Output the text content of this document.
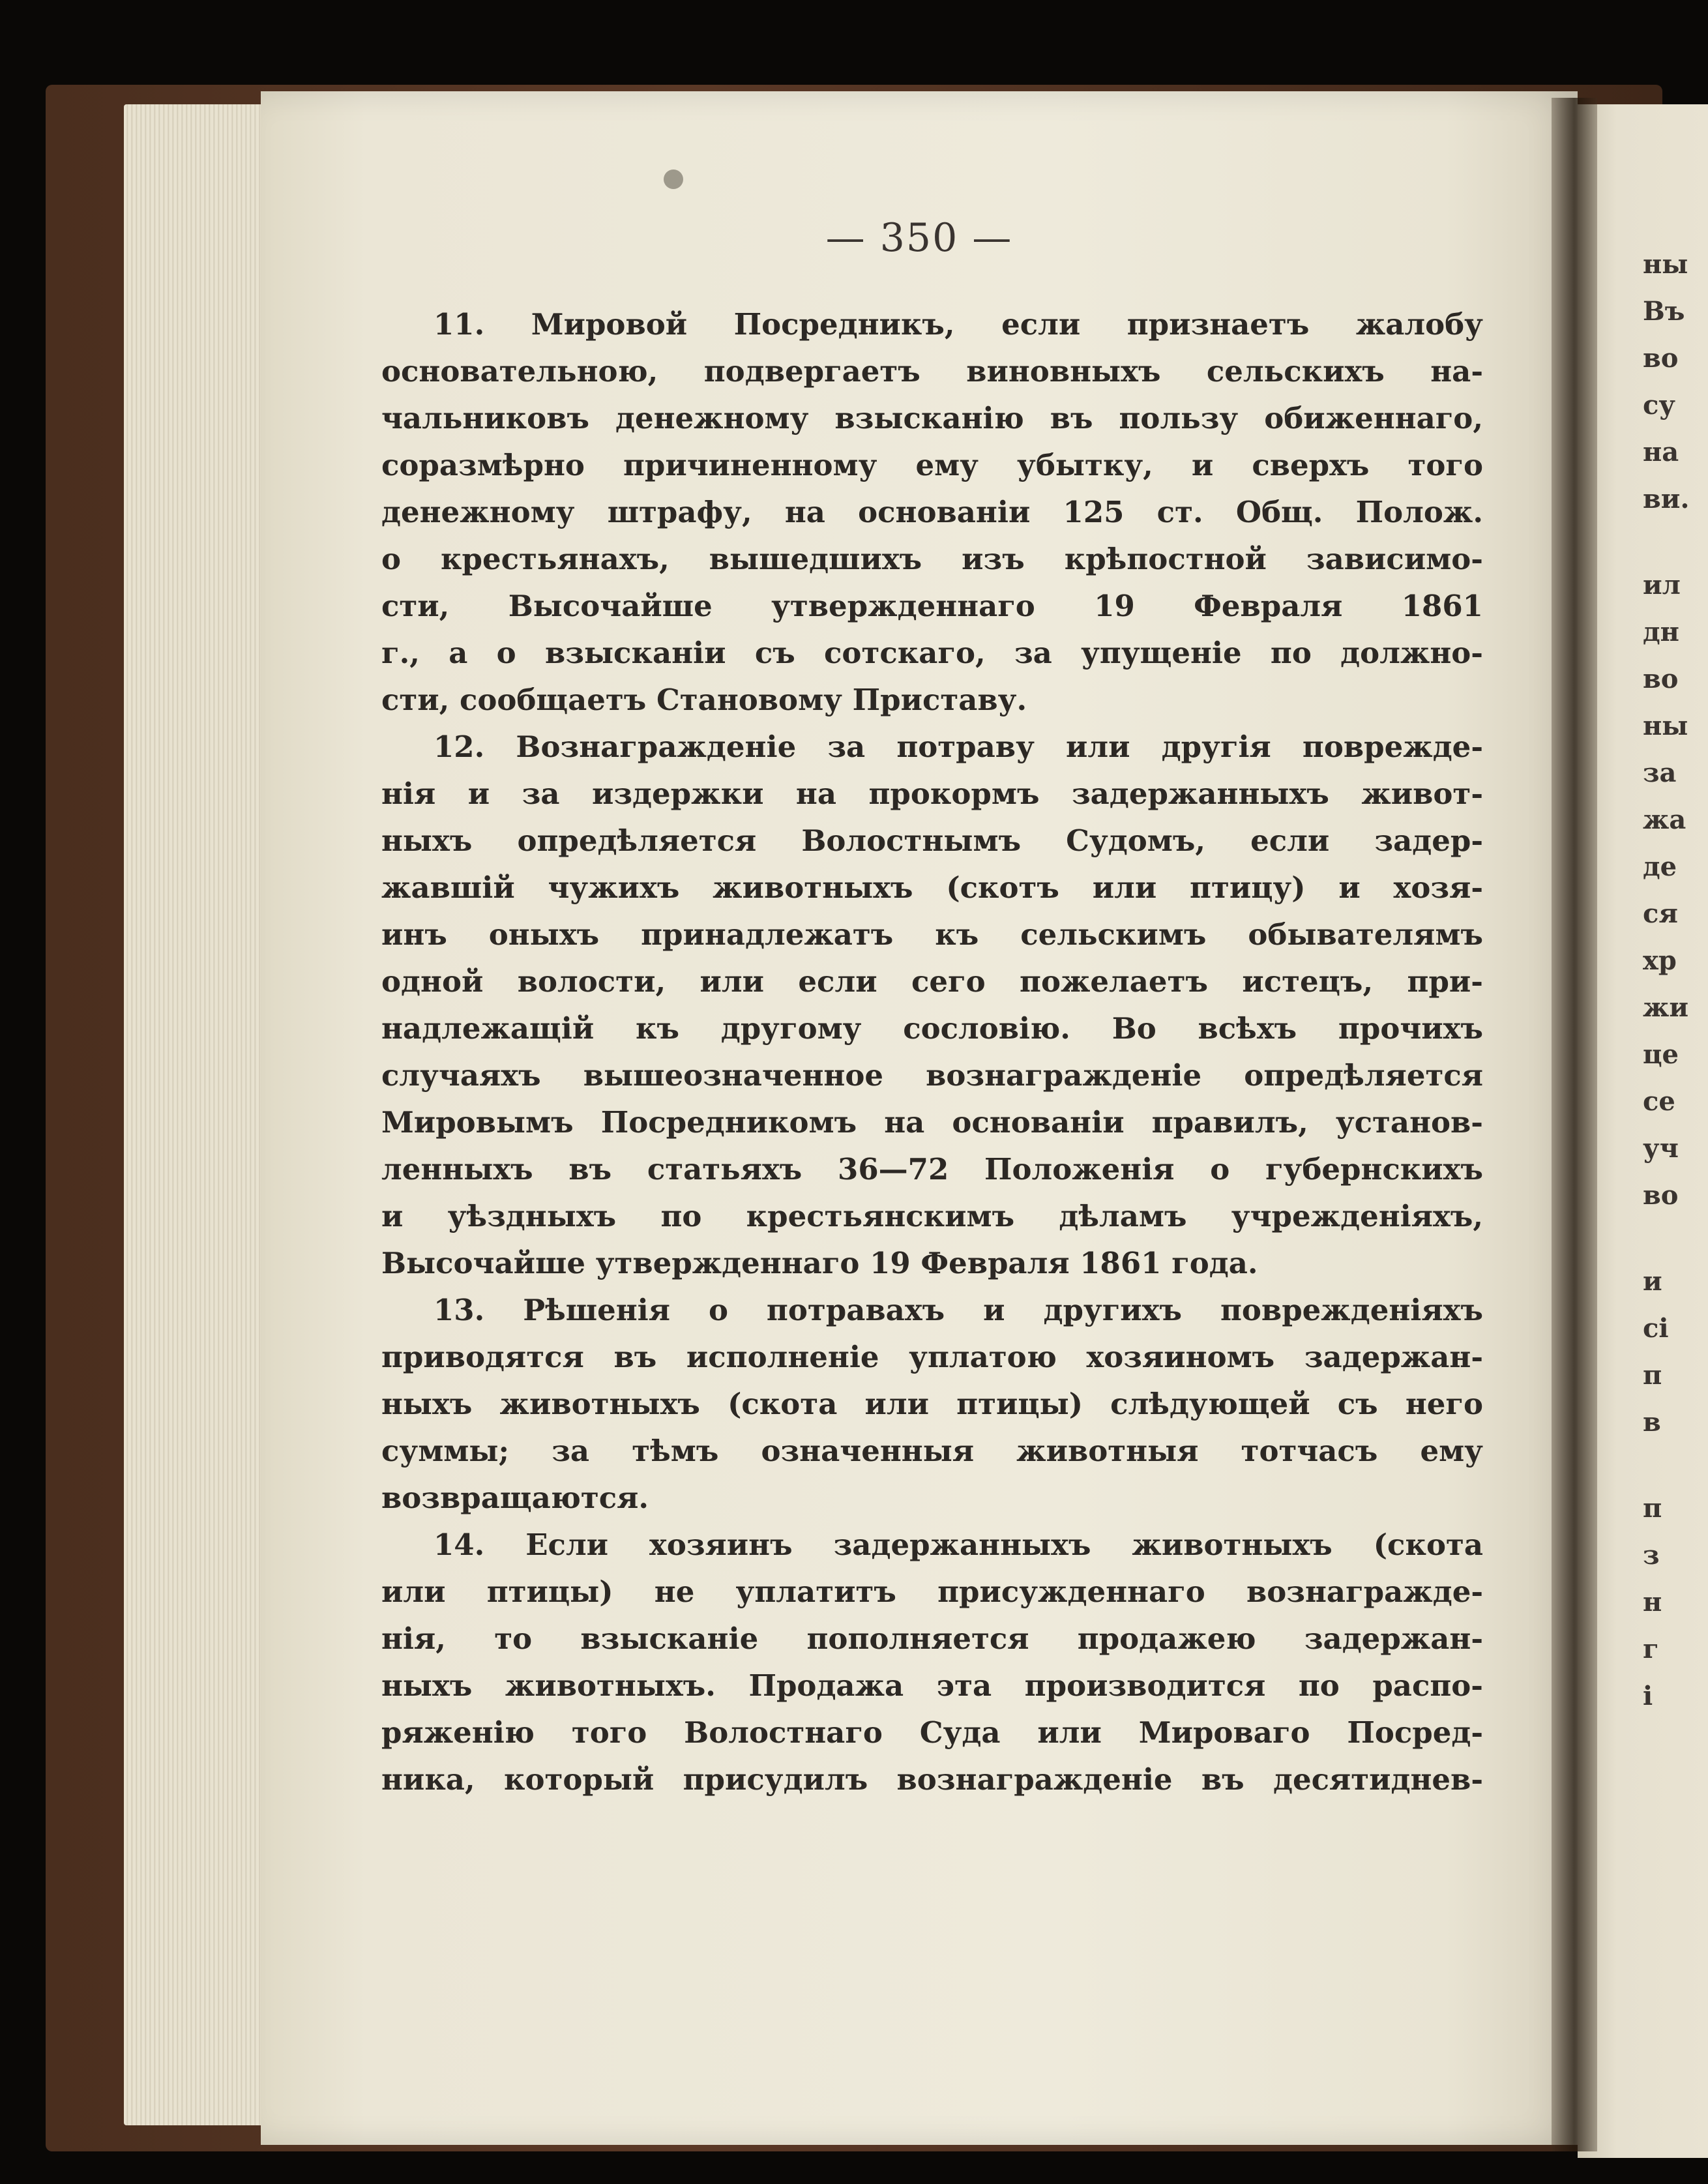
— 350 —
11. Мировой Посредникъ, если признаетъ жалобу
основательною, подвергаетъ виновныхъ сельскихъ на-
чальниковъ денежному взысканію въ пользу обиженнаго,
соразмѣрно причиненному ему убытку, и сверхъ того
денежному штрафу, на основаніи 125 ст. Общ. Полож.
о крестьянахъ, вышедшихъ изъ крѣпостной зависимо-
сти, Высочайше утвержденнаго 19 Февраля 1861
г., а о взысканіи съ сотскаго, за упущеніе по должно-
сти, сообщаетъ Становому Приставу.
12. Вознагражденіе за потраву или другія поврежде-
нія и за издержки на прокормъ задержанныхъ живот-
ныхъ опредѣляется Волостнымъ Судомъ, если задер-
жавшій чужихъ животныхъ (скотъ или птицу) и хозя-
инъ оныхъ принадлежатъ къ сельскимъ обывателямъ
одной волости, или если сего пожелаетъ истецъ, при-
надлежащій къ другому сословію. Во всѣхъ прочихъ
случаяхъ вышеозначенное вознагражденіе опредѣляется
Мировымъ Посредникомъ на основаніи правилъ, установ-
ленныхъ въ статьяхъ 36—72 Положенія о губернскихъ
и уѣздныхъ по крестьянскимъ дѣламъ учрежденіяхъ,
Высочайше утвержденнаго 19 Февраля 1861 года.
13. Рѣшенія о потравахъ и другихъ поврежденіяхъ
приводятся въ исполненіе уплатою хозяиномъ задержан-
ныхъ животныхъ (скота или птицы) слѣдующей съ него
суммы; за тѣмъ означенныя животныя тотчасъ ему
возвращаются.
14. Если хозяинъ задержанныхъ животныхъ (скота
или птицы) не уплатитъ присужденнаго вознагражде-
нія, то взысканіе пополняется продажею задержан-
ныхъ животныхъ. Продажа эта производится по распо-
ряженію того Волостнаго Суда или Мироваго Посред-
ника, который присудилъ вознагражденіе въ десятиднев-
ны
Въ
во
су
на
ви.
ил
дн
во
ны
за
жа
де
ся
хр
жи
це
се
уч
во
и
сі
п
в
п
з
н
г
і
